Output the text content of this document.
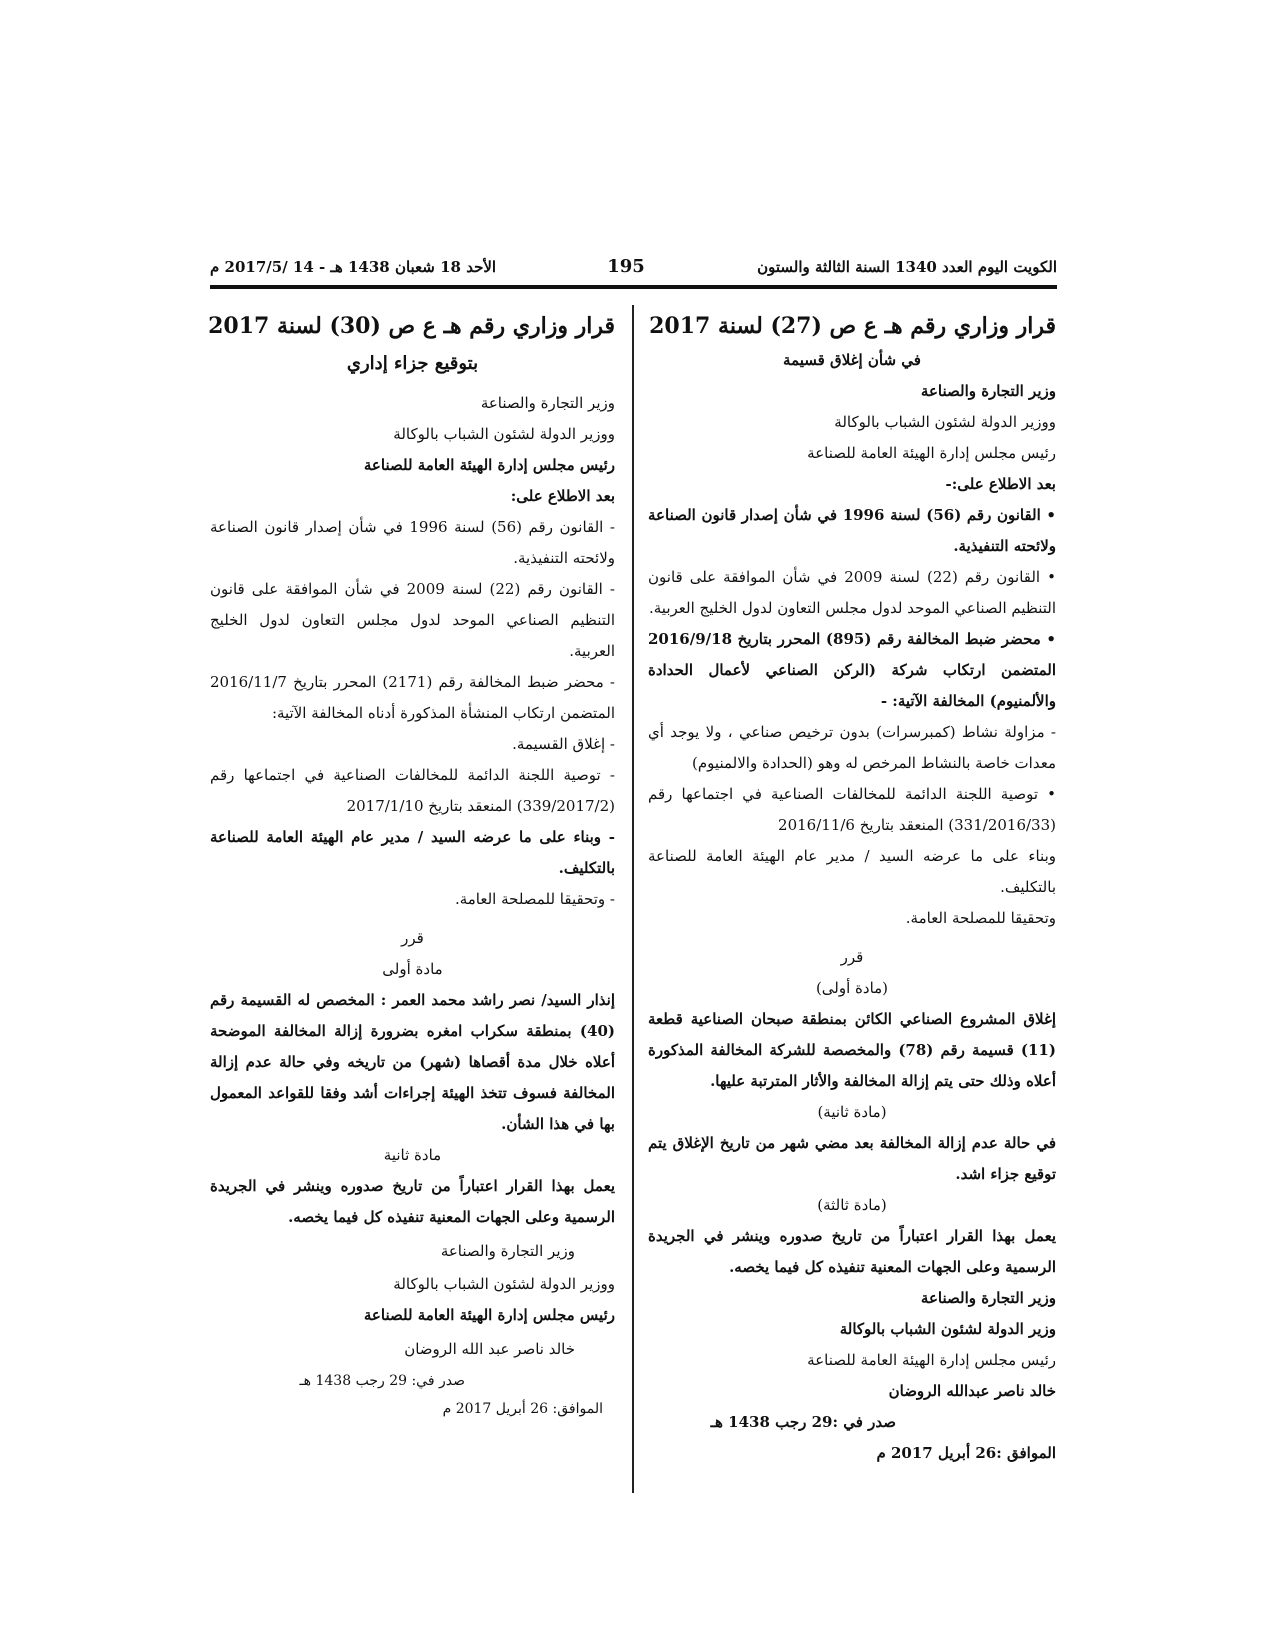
الكويت اليوم العدد 1340 السنة الثالثة والستون
195
الأحد 18 شعبان 1438 هـ - 14 /2017/5 م
قرار وزاري رقم هـ ع ص (27) لسنة 2017
في شأن إغلاق قسيمة
وزير التجارة والصناعة
ووزير الدولة لشئون الشباب بالوكالة
رئيس مجلس إدارة الهيئة العامة للصناعة
بعد الاطلاع على:-
• القانون رقم (56) لسنة 1996 في شأن إصدار قانون الصناعة ولائحته التنفيذية.
• القانون رقم (22) لسنة 2009 في شأن الموافقة على قانون التنظيم الصناعي الموحد لدول مجلس التعاون لدول الخليج العربية.
• محضر ضبط المخالفة رقم (895) المحرر بتاريخ 2016/9/18 المتضمن ارتكاب شركة (الركن الصناعي لأعمال الحدادة والألمنيوم) المخالفة الآتية: -
- مزاولة نشاط (كمبرسرات) بدون ترخيص صناعي ، ولا يوجد أي معدات خاصة بالنشاط المرخص له وهو (الحدادة والالمنيوم)
• توصية اللجنة الدائمة للمخالفات الصناعية في اجتماعها رقم (331/2016/33) المنعقد بتاريخ 2016/11/6
وبناء على ما عرضه السيد / مدير عام الهيئة العامة للصناعة بالتكليف.
وتحقيقا للمصلحة العامة.
قرر
(مادة أولى)
إغلاق المشروع الصناعي الكائن بمنطقة صبحان الصناعية قطعة (11) قسيمة رقم (78) والمخصصة للشركة المخالفة المذكورة أعلاه وذلك حتى يتم إزالة المخالفة والأثار المترتبة عليها.
(مادة ثانية)
في حالة عدم إزالة المخالفة بعد مضي شهر من تاريخ الإغلاق يتم توقيع جزاء اشد.
(مادة ثالثة)
يعمل بهذا القرار اعتباراً من تاريخ صدوره وينشر في الجريدة الرسمية وعلى الجهات المعنية تنفيذه كل فيما يخصه.
وزير التجارة والصناعة
وزير الدولة لشئون الشباب بالوكالة
رئيس مجلس إدارة الهيئة العامة للصناعة
خالد ناصر عبدالله الروضان
صدر في :29 رجب 1438 هـ
الموافق :26 أبريل 2017 م
قرار وزاري رقم هـ ع ص (30) لسنة 2017
بتوقيع جزاء إداري
وزير التجارة والصناعة
ووزير الدولة لشئون الشباب بالوكالة
رئيس مجلس إدارة الهيئة العامة للصناعة
بعد الاطلاع على:
- القانون رقم (56) لسنة 1996 في شأن إصدار قانون الصناعة ولائحته التنفيذية.
- القانون رقم (22) لسنة 2009 في شأن الموافقة على قانون التنظيم الصناعي الموحد لدول مجلس التعاون لدول الخليج العربية.
- محضر ضبط المخالفة رقم (2171) المحرر بتاريخ 2016/11/7 المتضمن ارتكاب المنشأة المذكورة أدناه المخالفة الآتية:
- إغلاق القسيمة.
- توصية اللجنة الدائمة للمخالفات الصناعية في اجتماعها رقم (339/2017/2) المنعقد بتاريخ 2017/1/10
- وبناء على ما عرضه السيد / مدير عام الهيئة العامة للصناعة بالتكليف.
- وتحقيقا للمصلحة العامة.
قرر
مادة أولى
إنذار السيد/ نصر راشد محمد العمر : المخصص له القسيمة رقم (40) بمنطقة سكراب امغره بضرورة إزالة المخالفة الموضحة أعلاه خلال مدة أقصاها (شهر) من تاريخه وفي حالة عدم إزالة المخالفة فسوف تتخذ الهيئة إجراءات أشد وفقا للقواعد المعمول بها في هذا الشأن.
مادة ثانية
يعمل بهذا القرار اعتباراً من تاريخ صدوره وينشر في الجريدة الرسمية وعلى الجهات المعنية تنفيذه كل فيما يخصه.
وزير التجارة والصناعة
ووزير الدولة لشئون الشباب بالوكالة
رئيس مجلس إدارة الهيئة العامة للصناعة
خالد ناصر عبد الله الروضان
صدر في: 29 رجب 1438 هـ
الموافق: 26 أبريل 2017 م
